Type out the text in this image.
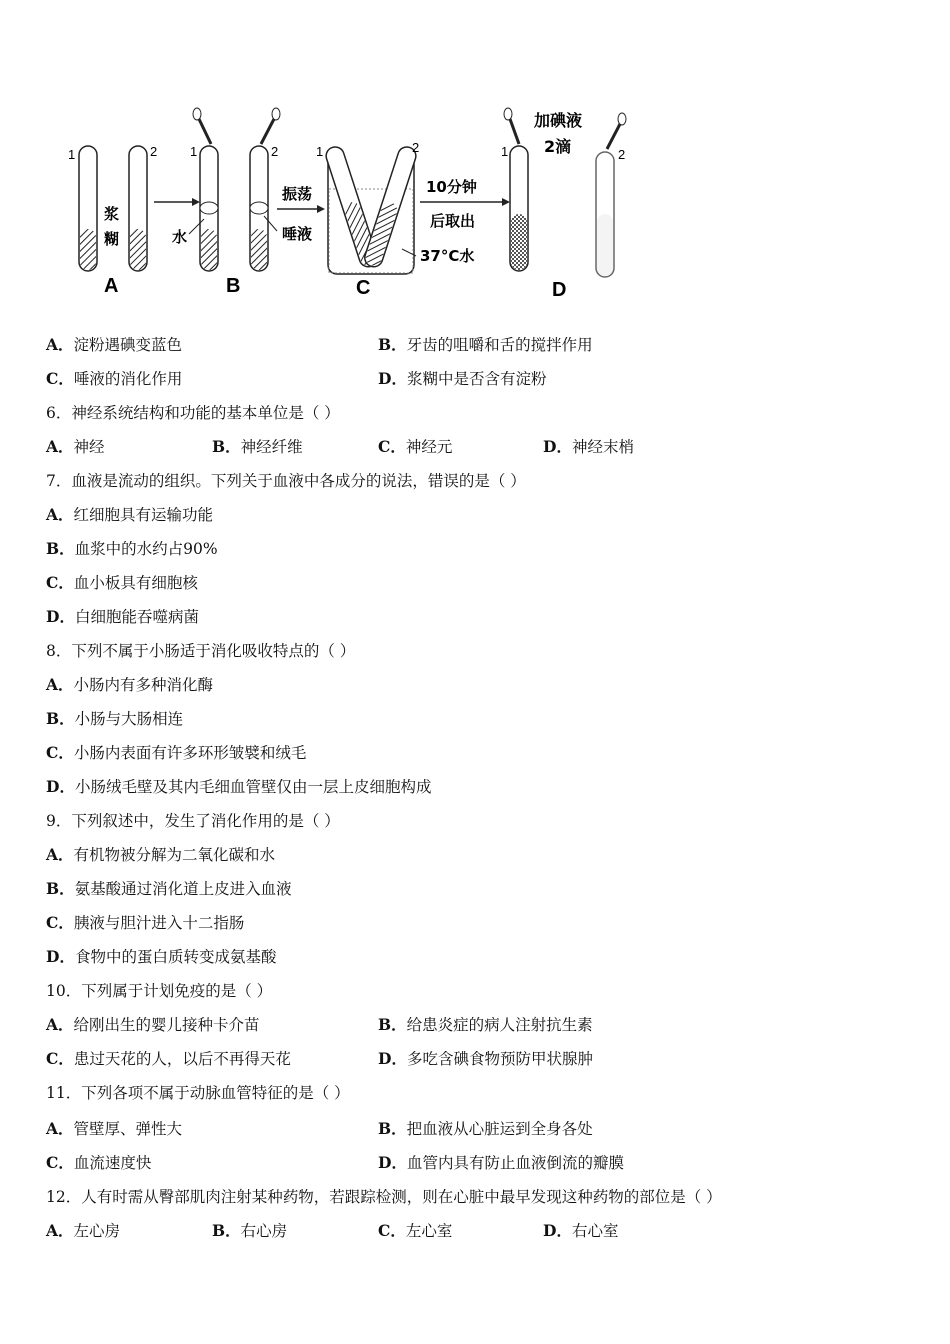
1	2
浆
糊
A
1	2
水	唾液
B
振荡
1	2
C
10分钟
后取出
37°C水
加碘液
2滴
1	2
D
A．淀粉遇碘变蓝色	B．牙齿的咀嚼和舌的搅拌作用
C．唾液的消化作用	D．浆糊中是否含有淀粉
6．神经系统结构和功能的基本单位是（ ）
A．神经	B．神经纤维	C．神经元	D．神经末梢
7．血液是流动的组织。下列关于血液中各成分的说法，错误的是（ ）
A．红细胞具有运输功能
B．血浆中的水约占90%
C．血小板具有细胞核
D．白细胞能吞噬病菌
8．下列不属于小肠适于消化吸收特点的（ ）
A．小肠内有多种消化酶
B．小肠与大肠相连
C．小肠内表面有许多环形皱襞和绒毛
D．小肠绒毛壁及其内毛细血管壁仅由一层上皮细胞构成
9．下列叙述中，发生了消化作用的是（ ）
A．有机物被分解为二氧化碳和水
B．氨基酸通过消化道上皮进入血液
C．胰液与胆汁进入十二指肠
D．食物中的蛋白质转变成氨基酸
10．下列属于计划免疫的是（ ）
A．给刚出生的婴儿接种卡介苗	B．给患炎症的病人注射抗生素
C．患过天花的人，以后不再得天花	D．多吃含碘食物预防甲状腺肿
11．下列各项不属于动脉血管特征的是（ ）
A．管壁厚、弹性大	B．把血液从心脏运到全身各处
C．血流速度快	D．血管内具有防止血液倒流的瓣膜
12．人有时需从臀部肌肉注射某种药物，若跟踪检测，则在心脏中最早发现这种药物的部位是（ ）
A．左心房	B．右心房	C．左心室	D．右心室
